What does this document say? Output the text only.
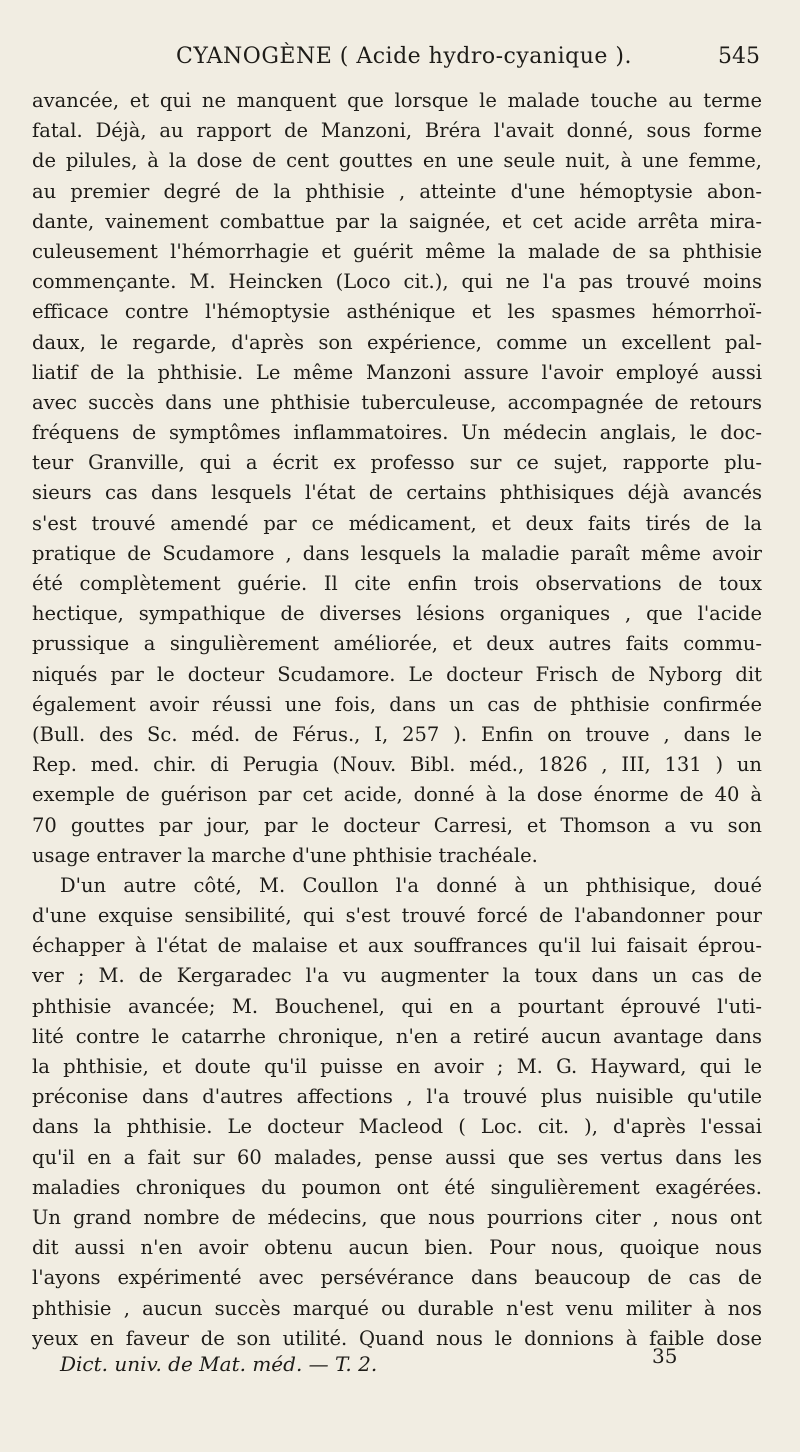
CYANOGÈNE ( Acide hydro-cyanique ).	545
avancée, et qui ne manquent que lorsque le malade touche au terme
fatal. Déjà, au rapport de Manzoni, Bréra l'avait donné, sous forme
de pilules, à la dose de cent gouttes en une seule nuit, à une femme,
au premier degré de la phthisie , atteinte d'une hémoptysie abon-
dante, vainement combattue par la saignée, et cet acide arrêta mira-
culeusement l'hémorrhagie et guérit même la malade de sa phthisie
commençante. M. Heincken (Loco cit.), qui ne l'a pas trouvé moins
efficace contre l'hémoptysie asthénique et les spasmes hémorrhoï-
daux, le regarde, d'après son expérience, comme un excellent pal-
liatif de la phthisie. Le même Manzoni assure l'avoir employé aussi
avec succès dans une phthisie tuberculeuse, accompagnée de retours
fréquens de symptômes inflammatoires. Un médecin anglais, le doc-
teur Granville, qui a écrit ex professo sur ce sujet, rapporte plu-
sieurs cas dans lesquels l'état de certains phthisiques déjà avancés
s'est trouvé amendé par ce médicament, et deux faits tirés de la
pratique de Scudamore , dans lesquels la maladie paraît même avoir
été complètement guérie. Il cite enfin trois observations de toux
hectique, sympathique de diverses lésions organiques , que l'acide
prussique a singulièrement améliorée, et deux autres faits commu-
niqués par le docteur Scudamore. Le docteur Frisch de Nyborg dit
également avoir réussi une fois, dans un cas de phthisie confirmée
(Bull. des Sc. méd. de Férus., I, 257 ). Enfin on trouve , dans le
Rep. med. chir. di Perugia (Nouv. Bibl. méd., 1826 , III, 131 ) un
exemple de guérison par cet acide, donné à la dose énorme de 40 à
70 gouttes par jour, par le docteur Carresi, et Thomson a vu son
usage entraver la marche d'une phthisie trachéale.
D'un autre côté, M. Coullon l'a donné à un phthisique, doué
d'une exquise sensibilité, qui s'est trouvé forcé de l'abandonner pour
échapper à l'état de malaise et aux souffrances qu'il lui faisait éprou-
ver ; M. de Kergaradec l'a vu augmenter la toux dans un cas de
phthisie avancée; M. Bouchenel, qui en a pourtant éprouvé l'uti-
lité contre le catarrhe chronique, n'en a retiré aucun avantage dans
la phthisie, et doute qu'il puisse en avoir ; M. G. Hayward, qui le
préconise dans d'autres affections , l'a trouvé plus nuisible qu'utile
dans la phthisie. Le docteur Macleod ( Loc. cit. ), d'après l'essai
qu'il en a fait sur 60 malades, pense aussi que ses vertus dans les
maladies chroniques du poumon ont été singulièrement exagérées.
Un grand nombre de médecins, que nous pourrions citer , nous ont
dit aussi n'en avoir obtenu aucun bien. Pour nous, quoique nous
l'ayons expérimenté avec persévérance dans beaucoup de cas de
phthisie , aucun succès marqué ou durable n'est venu militer à nos
yeux en faveur de son utilité. Quand nous le donnions à faible dose
Dict. univ. de Mat. méd. — T. 2.	35
